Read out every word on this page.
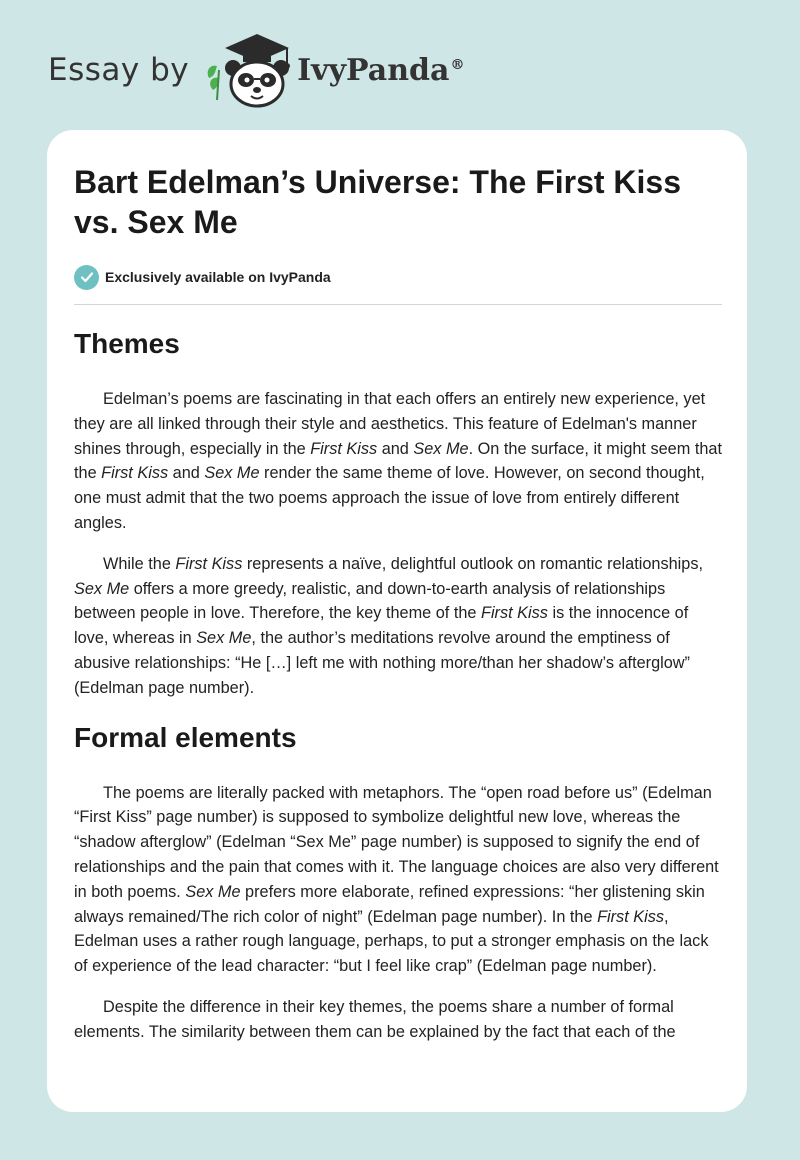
Essay by	IvyPanda®
Bart Edelman’s Universe: The First Kiss vs. Sex Me
Exclusively available on IvyPanda
Themes

Edelman’s poems are fascinating in that each offers an entirely new experience, yet they are all linked through their style and aesthetics. This feature of Edelman's manner shines through, especially in the First Kiss and Sex Me. On the surface, it might seem that the First Kiss and Sex Me render the same theme of love. However, on second thought, one must admit that the two poems approach the issue of love from entirely different angles.

While the First Kiss represents a naïve, delightful outlook on romantic relationships, Sex Me offers a more greedy, realistic, and down-to-earth analysis of relationships between people in love. Therefore, the key theme of the First Kiss is the innocence of love, whereas in Sex Me, the author’s meditations revolve around the emptiness of abusive relationships: “He […] left me with nothing more/than her shadow’s afterglow” (Edelman page number).

Formal elements

The poems are literally packed with metaphors. The “open road before us” (Edelman “First Kiss” page number) is supposed to symbolize delightful new love, whereas the “shadow afterglow” (Edelman “Sex Me” page number) is supposed to signify the end of relationships and the pain that comes with it. The language choices are also very different in both poems. Sex Me prefers more elaborate, refined expressions: “her glistening skin always remained/The rich color of night” (Edelman page number). In the First Kiss, Edelman uses a rather rough language, perhaps, to put a stronger emphasis on the lack of experience of the lead character: “but I feel like crap” (Edelman page number).

Despite the difference in their key themes, the poems share a number of formal elements. The similarity between them can be explained by the fact that each of the
